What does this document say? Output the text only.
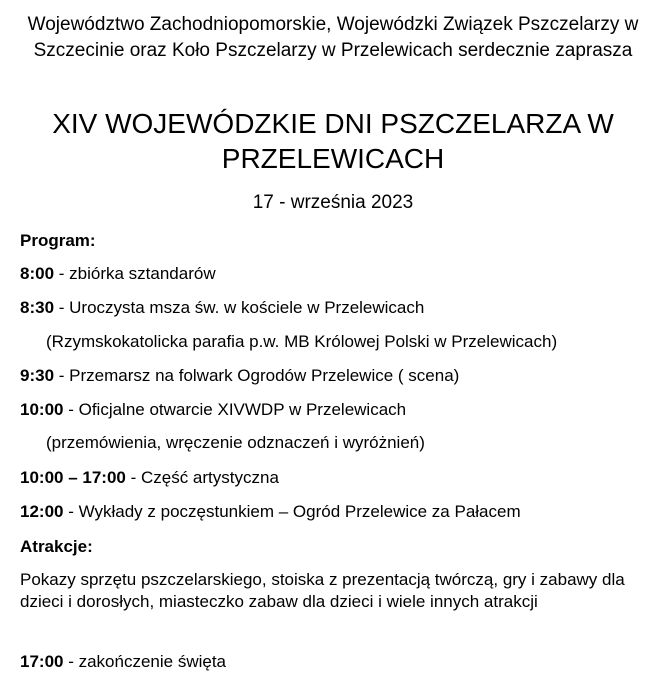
Województwo Zachodniopomorskie, Wojewódzki Związek Pszczelarzy w Szczecinie oraz Koło Pszczelarzy w Przelewicach serdecznie zaprasza
XIV WOJEWÓDZKIE DNI PSZCZELARZA W PRZELEWICACH
17 - września 2023
Program:
8:00 - zbiórka sztandarów
8:30 - Uroczysta msza św. w kościele w Przelewicach
(Rzymskokatolicka parafia p.w. MB Królowej Polski w Przelewicach)
9:30 - Przemarsz na folwark Ogrodów Przelewice ( scena)
10:00 - Oficjalne otwarcie XIVWDP w Przelewicach
(przemówienia, wręczenie odznaczeń i wyróżnień)
10:00 – 17:00 - Część artystyczna
12:00 - Wykłady z poczęstunkiem – Ogród Przelewice za Pałacem
Atrakcje:
Pokazy sprzętu pszczelarskiego, stoiska z prezentacją twórczą, gry i zabawy dla dzieci i dorosłych, miasteczko zabaw dla dzieci i wiele innych atrakcji
17:00 - zakończenie święta
